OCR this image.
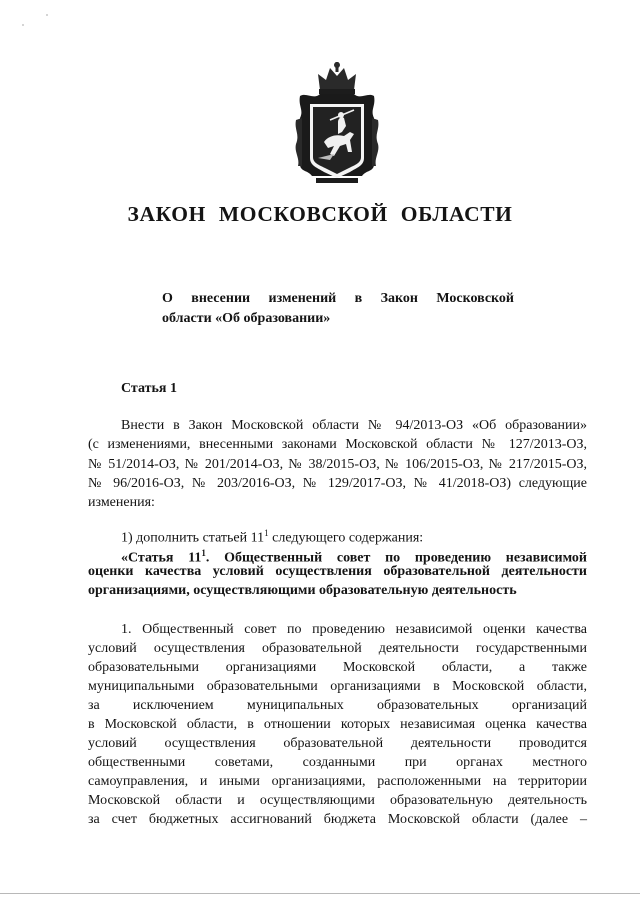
ЗАКОН МОСКОВСКОЙ ОБЛАСТИ
О внесении изменений в Закон Московской
области «Об образовании»
Статья 1
Внести в Закон Московской области № 94/2013-ОЗ «Об образовании»
(с изменениями, внесенными законами Московской области № 127/2013-ОЗ,
№ 51/2014-ОЗ, № 201/2014-ОЗ, № 38/2015-ОЗ, № 106/2015-ОЗ, № 217/2015-ОЗ,
№ 96/2016-ОЗ, № 203/2016-ОЗ, № 129/2017-ОЗ, № 41/2018-ОЗ) следующие
изменения:
1) дополнить статьей $11^1$ следующего содержания:
«Статья $11^1$. Общественный совет по проведению независимой
оценки качества условий осуществления образовательной деятельности
организациями, осуществляющими образовательную деятельность
1. Общественный совет по проведению независимой оценки качества
условий осуществления образовательной деятельности государственными
образовательными организациями Московской области, а также
муниципальными образовательными организациями в Московской области,
за исключением муниципальных образовательных организаций
в Московской области, в отношении которых независимая оценка качества
условий осуществления образовательной деятельности проводится
общественными советами, созданными при органах местного
самоуправления, и иными организациями, расположенными на территории
Московской области и осуществляющими образовательную деятельность
за счет бюджетных ассигнований бюджета Московской области (далее –
